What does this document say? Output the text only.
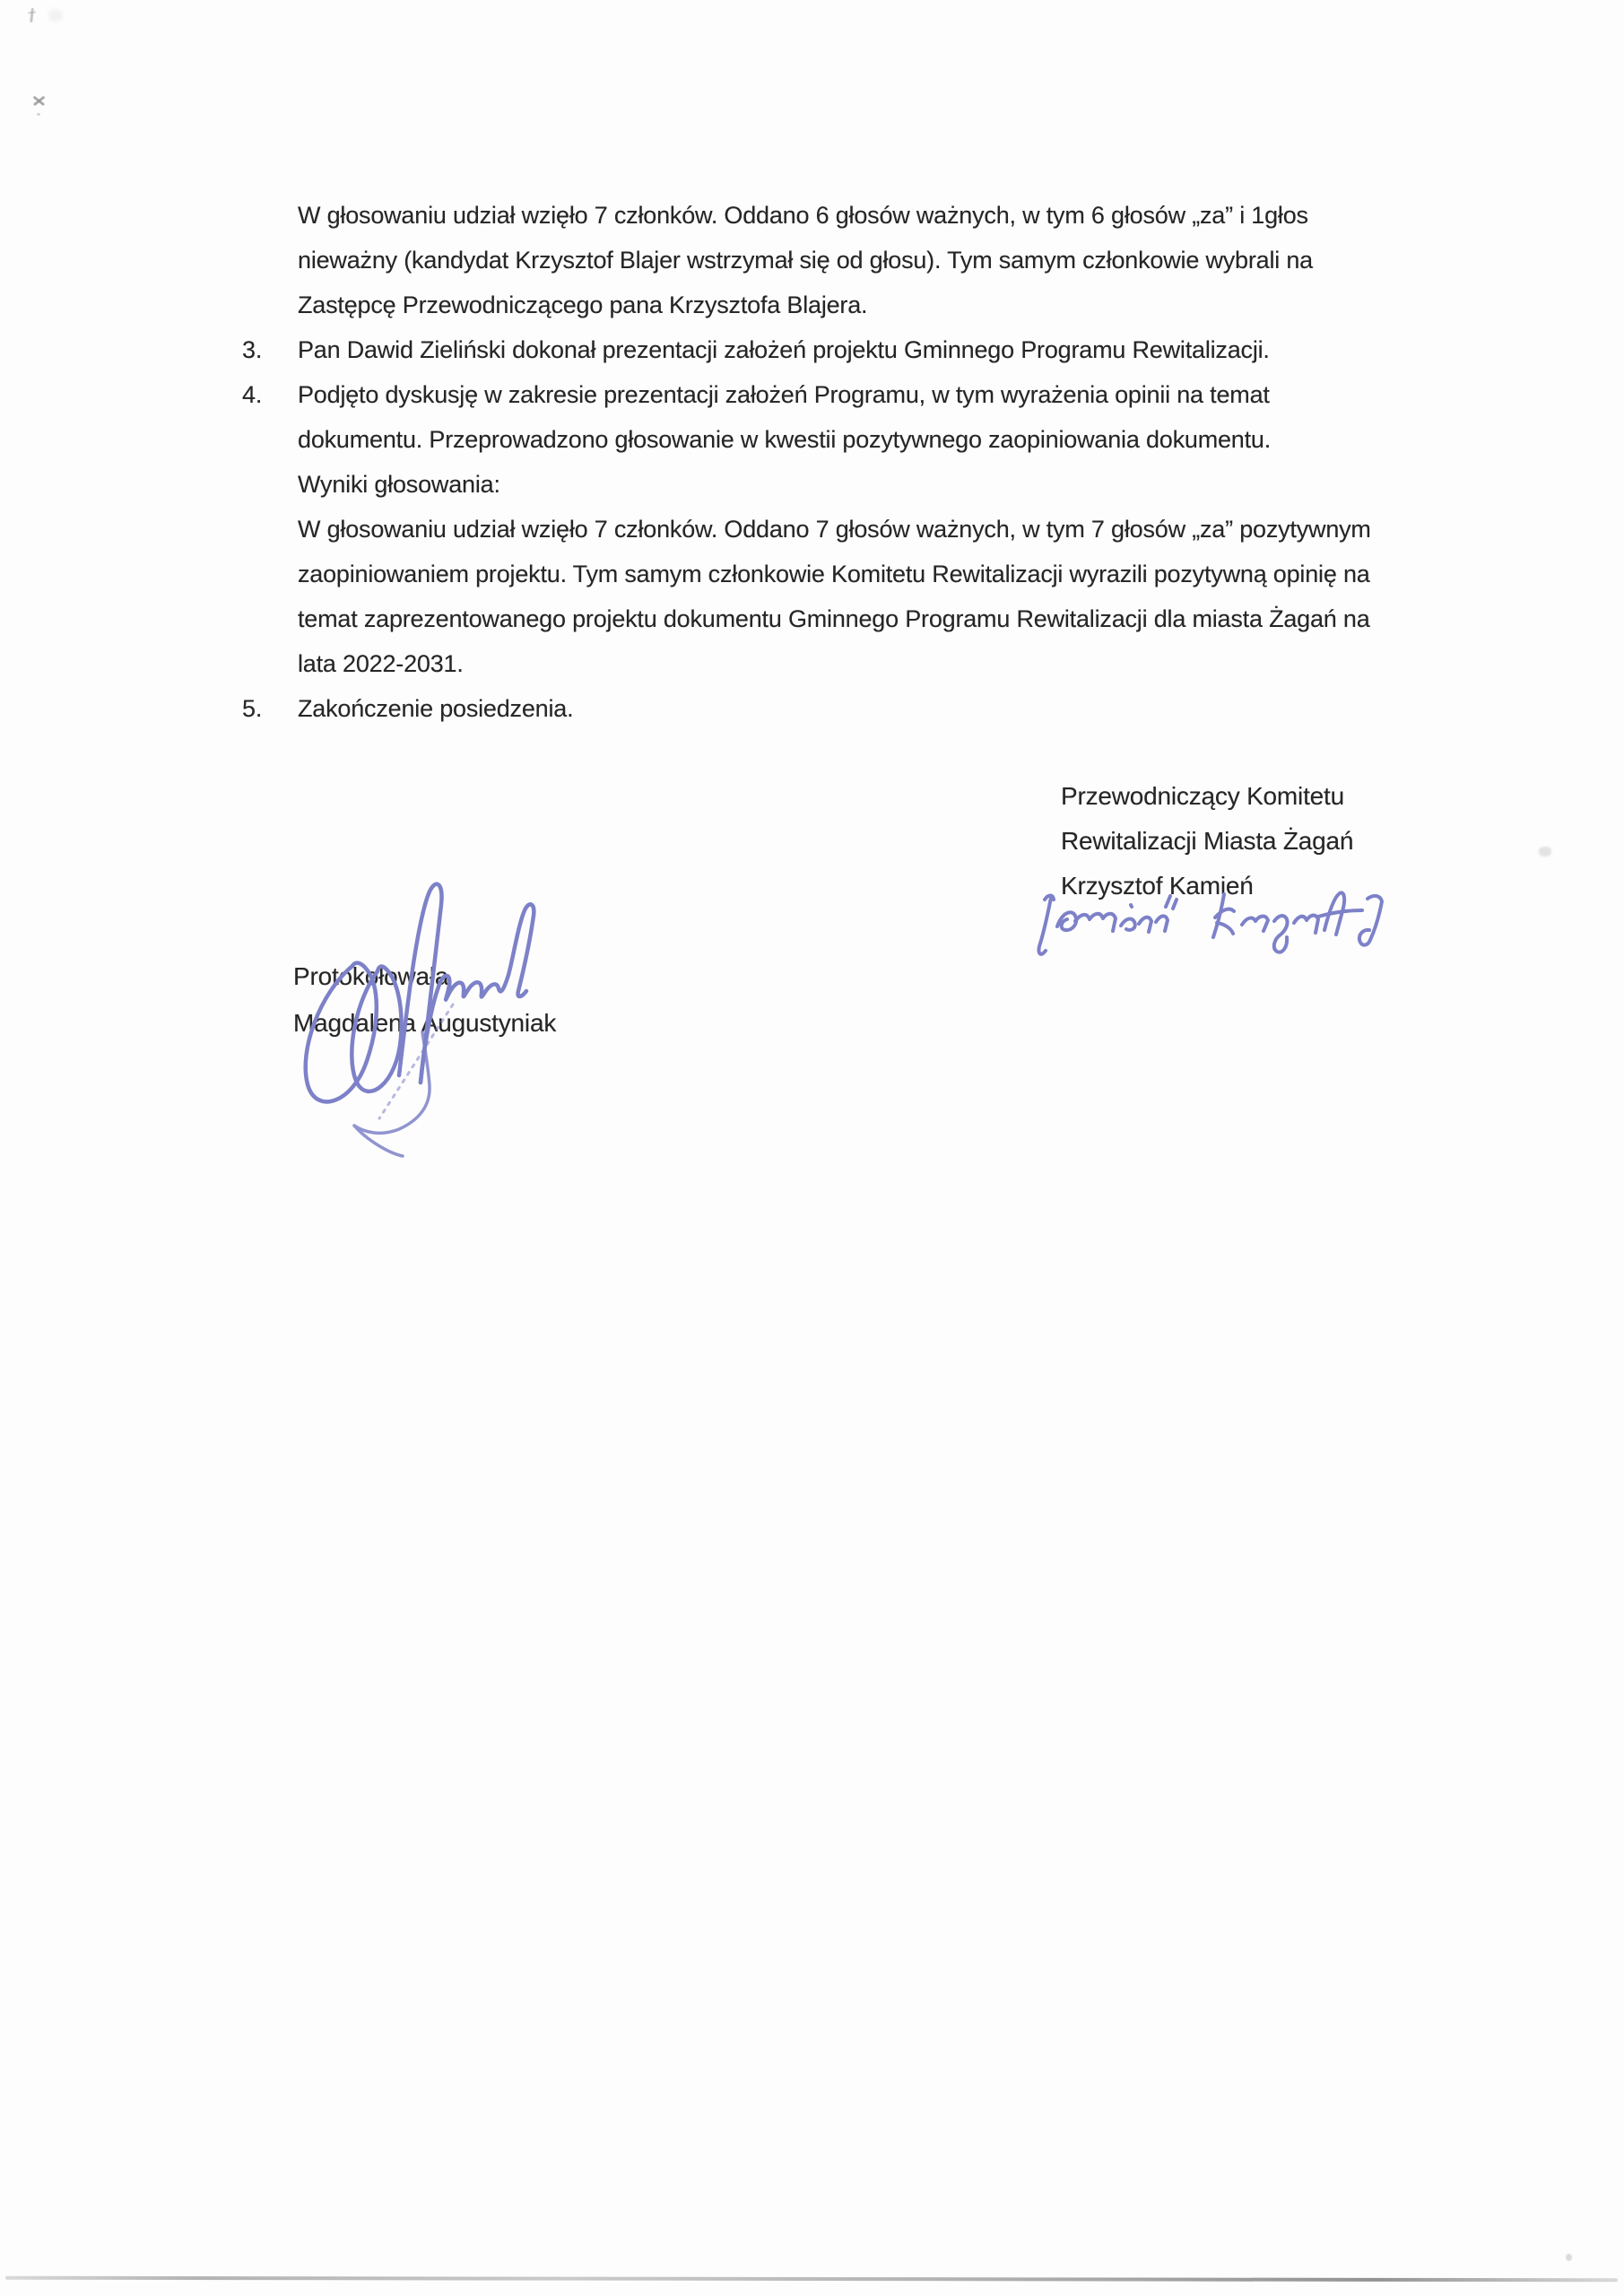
W głosowaniu udział wzięło 7 członków. Oddano 6 głosów ważnych, w tym 6 głosów „za” i 1głos
nieważny (kandydat Krzysztof Blajer wstrzymał się od głosu). Tym samym członkowie wybrali na
Zastępcę Przewodniczącego pana Krzysztofa Blajera.
3. Pan Dawid Zieliński dokonał prezentacji założeń projektu Gminnego Programu Rewitalizacji.
4. Podjęto dyskusję w zakresie prezentacji założeń Programu, w tym wyrażenia opinii na temat
dokumentu. Przeprowadzono głosowanie w kwestii pozytywnego zaopiniowania dokumentu.
Wyniki głosowania:
W głosowaniu udział wzięło 7 członków. Oddano 7 głosów ważnych, w tym 7 głosów „za” pozytywnym
zaopiniowaniem projektu. Tym samym członkowie Komitetu Rewitalizacji wyrazili pozytywną opinię na
temat zaprezentowanego projektu dokumentu Gminnego Programu Rewitalizacji dla miasta Żagań na
lata 2022-2031.
5. Zakończenie posiedzenia.
Przewodniczący Komitetu
Rewitalizacji Miasta Żagań
Krzysztof Kamień
Protokołowała
Magdalena Augustyniak
